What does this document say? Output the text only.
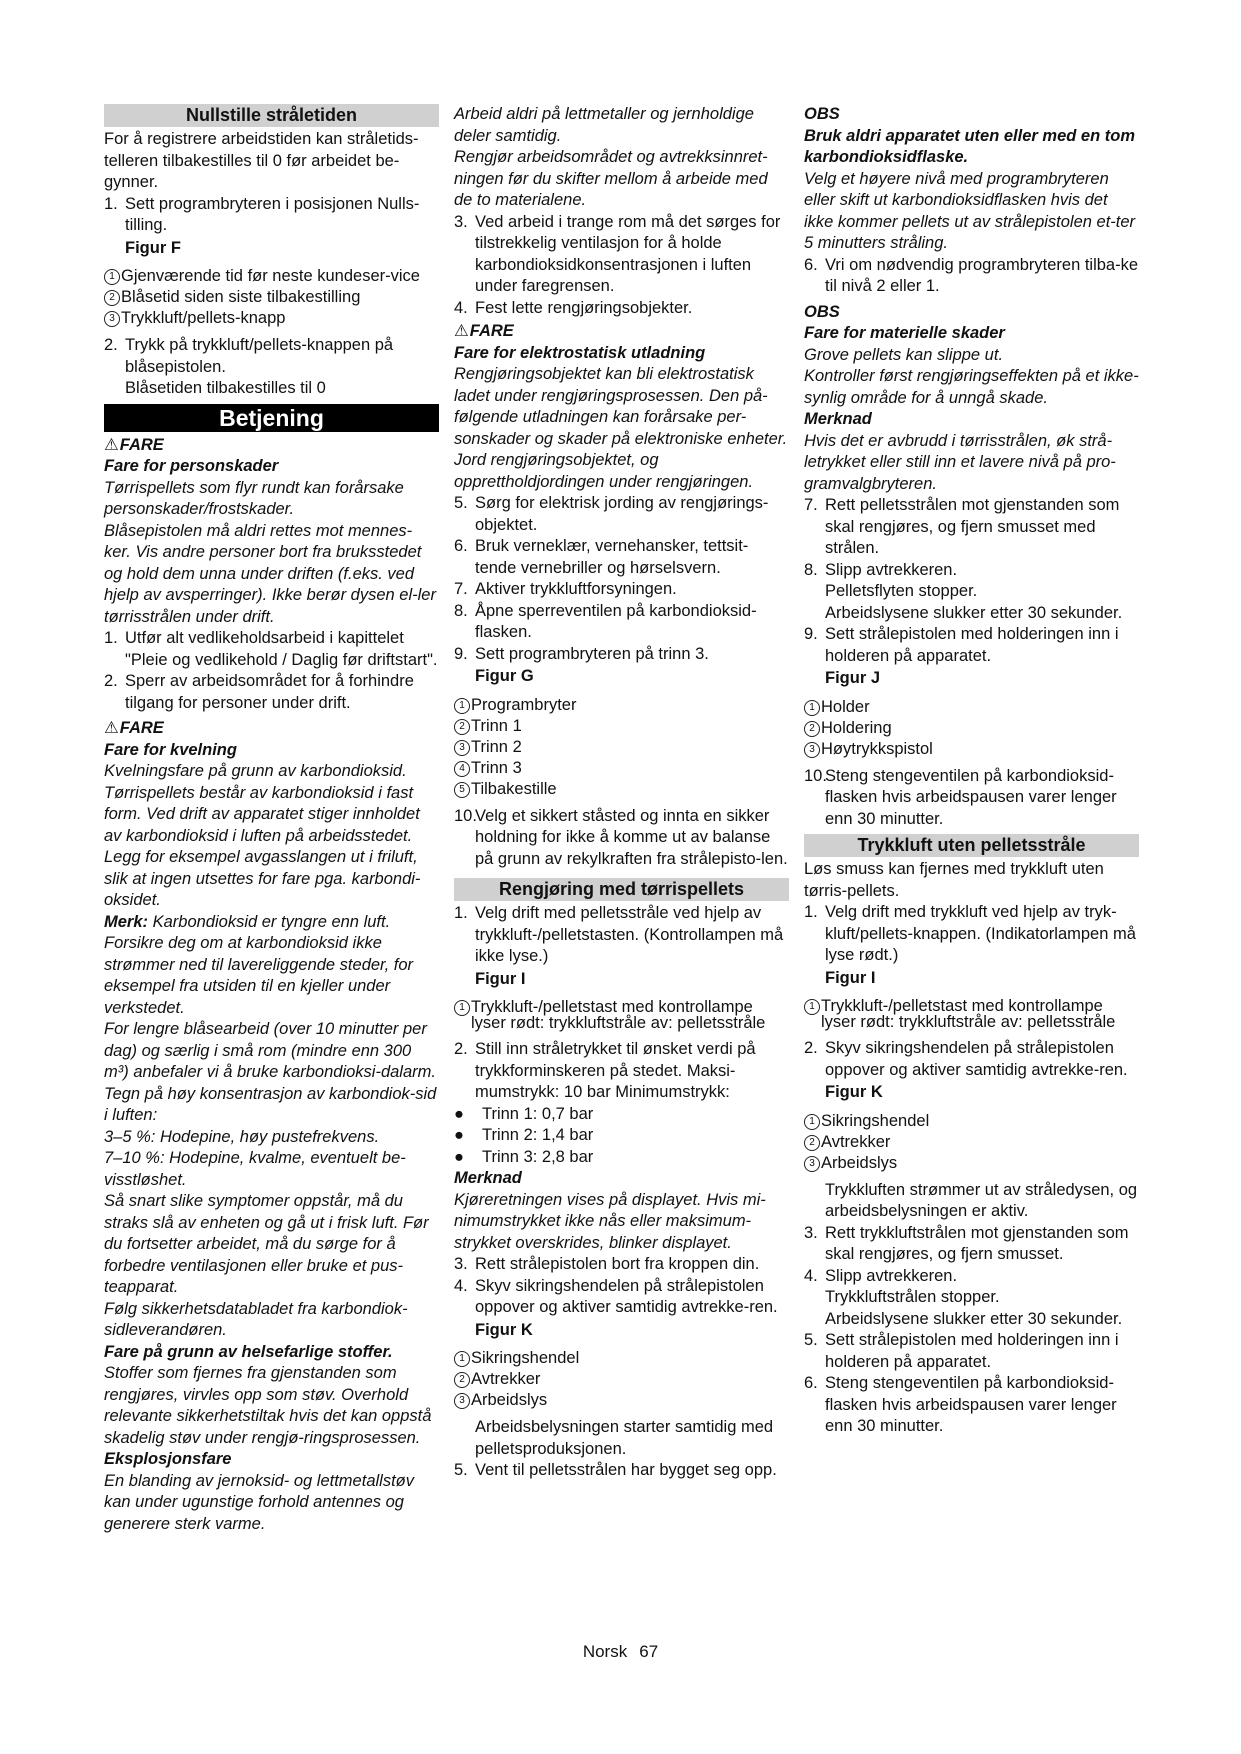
Nullstille stråletiden

For å registrere arbeidstiden kan stråletids-telleren tilbakestilles til 0 før arbeidet be-gynner.

1. Sett programbryteren i posisjonen Nulls-tilling.
Figur F
1 Gjenværende tid før neste kundeser-vice
2 Blåsetid siden siste tilbakestilling
3 Trykkluft/pellets-knapp
2. Trykk på trykkluft/pellets-knappen på blåsepistolen.

Blåsetiden tilbakestilles til 0

Betjening

⚠FARE

Fare for personskader

Tørrispellets som flyr rundt kan forårsake personskader/frostskader.

Blåsepistolen må aldri rettes mot mennes-ker. Vis andre personer bort fra bruksstedet og hold dem unna under driften (f.eks. ved hjelp av avsperringer). Ikke berør dysen el-ler tørrisstrålen under drift.

1. Utfør alt vedlikeholdsarbeid i kapittelet "Pleie og vedlikehold / Daglig før driftstart".
2. Sperr av arbeidsområdet for å forhindre tilgang for personer under drift.

⚠FARE

Fare for kvelning

Kvelningsfare på grunn av karbondioksid. Tørrispellets består av karbondioksid i fast form. Ved drift av apparatet stiger innholdet av karbondioksid i luften på arbeidsstedet. Legg for eksempel avgasslangen ut i friluft, slik at ingen utsettes for fare pga. karbondi-oksidet.

Merk: Karbondioksid er tyngre enn luft. Forsikre deg om at karbondioksid ikke strømmer ned til lavereliggende steder, for eksempel fra utsiden til en kjeller under verkstedet.

For lengre blåsearbeid (over 10 minutter per dag) og særlig i små rom (mindre enn 300 m³) anbefaler vi å bruke karbondioksi-dalarm.

Tegn på høy konsentrasjon av karbondiok-sid i luften:

3–5 %: Hodepine, høy pustefrekvens.

7–10 %: Hodepine, kvalme, eventuelt be-visstløshet.

Så snart slike symptomer oppstår, må du straks slå av enheten og gå ut i frisk luft. Før du fortsetter arbeidet, må du sørge for å forbedre ventilasjonen eller bruke et pus-teapparat.

Følg sikkerhetsdatabladet fra karbondiok-sidleverandøren.

Fare på grunn av helsefarlige stoffer.

Stoffer som fjernes fra gjenstanden som rengjøres, virvles opp som støv. Overhold relevante sikkerhetstiltak hvis det kan oppstå skadelig støv under rengjø-ringsprosessen.

Eksplosjonsfare

En blanding av jernoksid- og lettmetallstøv kan under ugunstige forhold antennes og generere sterk varme.

Arbeid aldri på lettmetaller og jernholdige deler samtidig.

Rengjør arbeidsområdet og avtrekksinnret-ningen før du skifter mellom å arbeide med de to materialene.

3. Ved arbeid i trange rom må det sørges for tilstrekkelig ventilasjon for å holde karbondioksidkonsentrasjonen i luften under faregrensen.
4. Fest lette rengjøringsobjekter.

⚠FARE

Fare for elektrostatisk utladning

Rengjøringsobjektet kan bli elektrostatisk ladet under rengjøringsprosessen. Den på-følgende utladningen kan forårsake per-sonskader og skader på elektroniske enheter.

Jord rengjøringsobjektet, og opprettholdjordingen under rengjøringen.

5. Sørg for elektrisk jording av rengjørings-objektet.
6. Bruk verneklær, vernehansker, tettsit-tende vernebriller og hørselsvern.
7. Aktiver trykkluftforsyningen.
8. Åpne sperreventilen på karbondioksid-flasken.
9. Sett programbryteren på trinn 3.
Figur G
1 Programbryter
2 Trinn 1
3 Trinn 2
4 Trinn 3
5 Tilbakestille
10.
Velg et sikkert ståsted og innta en sikker holdning for ikke å komme ut av balanse på grunn av rekylkraften fra strålepisto-len.
Rengjøring med tørrispellets
1. Velg drift med pelletsstråle ved hjelp av trykkluft-/pelletstasten. (Kontrollampen må ikke lyse.)
Figur I
1 Trykkluft-/pelletstast med kontrollampe lyser rødt: trykkluftstråle av: pelletsstråle
2. Still inn stråletrykket til ønsket verdi på trykkforminskeren på stedet. Maksi-mumstrykk: 10 bar Minimumstrykk:
●	Trinn 1: 0,7 bar
●	Trinn 2: 1,4 bar
●	Trinn 3: 2,8 bar

Merknad

Kjøreretningen vises på displayet. Hvis mi-nimumstrykket ikke nås eller maksimum-strykket overskrides, blinker displayet.

3. Rett strålepistolen bort fra kroppen din.
4. Skyv sikringshendelen på strålepistolen oppover og aktiver samtidig avtrekke-ren.
Figur K
1 Sikringshendel
2 Avtrekker
3 Arbeidslys

Arbeidsbelysningen starter samtidig med pelletsproduksjonen.

5. Vent til pelletsstrålen har bygget seg opp.

OBS

Bruk aldri apparatet uten eller med en tom karbondioksidflaske.

Velg et høyere nivå med programbryteren eller skift ut karbondioksidflasken hvis det ikke kommer pellets ut av strålepistolen et-ter 5 minutters stråling.

6. Vri om nødvendig programbryteren tilba-ke til nivå 2 eller 1.

OBS

Fare for materielle skader

Grove pellets kan slippe ut.

Kontroller først rengjøringseffekten på et ikke-synlig område for å unngå skade.

Merknad

Hvis det er avbrudd i tørrisstrålen, øk strå-letrykket eller still inn et lavere nivå på pro-gramvalgbryteren.

7. Rett pelletsstrålen mot gjenstanden som skal rengjøres, og fjern smusset med strålen.
8. Slipp avtrekkeren.

Pelletsflyten stopper.

Arbeidslysene slukker etter 30 sekunder.

9. Sett strålepistolen med holderingen inn i holderen på apparatet.
Figur J
1 Holder
2 Holdering
3 Høytrykkspistol
10.
Steng stengeventilen på karbondioksid-flasken hvis arbeidspausen varer lenger enn 30 minutter.
Trykkluft uten pelletsstråle

Løs smuss kan fjernes med trykkluft uten tørris-pellets.

1. Velg drift med trykkluft ved hjelp av tryk-kluft/pellets-knappen. (Indikatorlampen må lyse rødt.)
Figur I
1 Trykkluft-/pelletstast med kontrollampe lyser rødt: trykkluftstråle av: pelletsstråle
2. Skyv sikringshendelen på strålepistolen oppover og aktiver samtidig avtrekke-ren.
Figur K
1 Sikringshendel
2 Avtrekker
3 Arbeidslys

Trykkluften strømmer ut av stråledysen, og arbeidsbelysningen er aktiv.

3. Rett trykkluftstrålen mot gjenstanden som skal rengjøres, og fjern smusset.
4. Slipp avtrekkeren.

Trykkluftstrålen stopper.

Arbeidslysene slukker etter 30 sekunder.

5. Sett strålepistolen med holderingen inn i holderen på apparatet.
6. Steng stengeventilen på karbondioksid-flasken hvis arbeidspausen varer lenger enn 30 minutter.
Norsk 67
